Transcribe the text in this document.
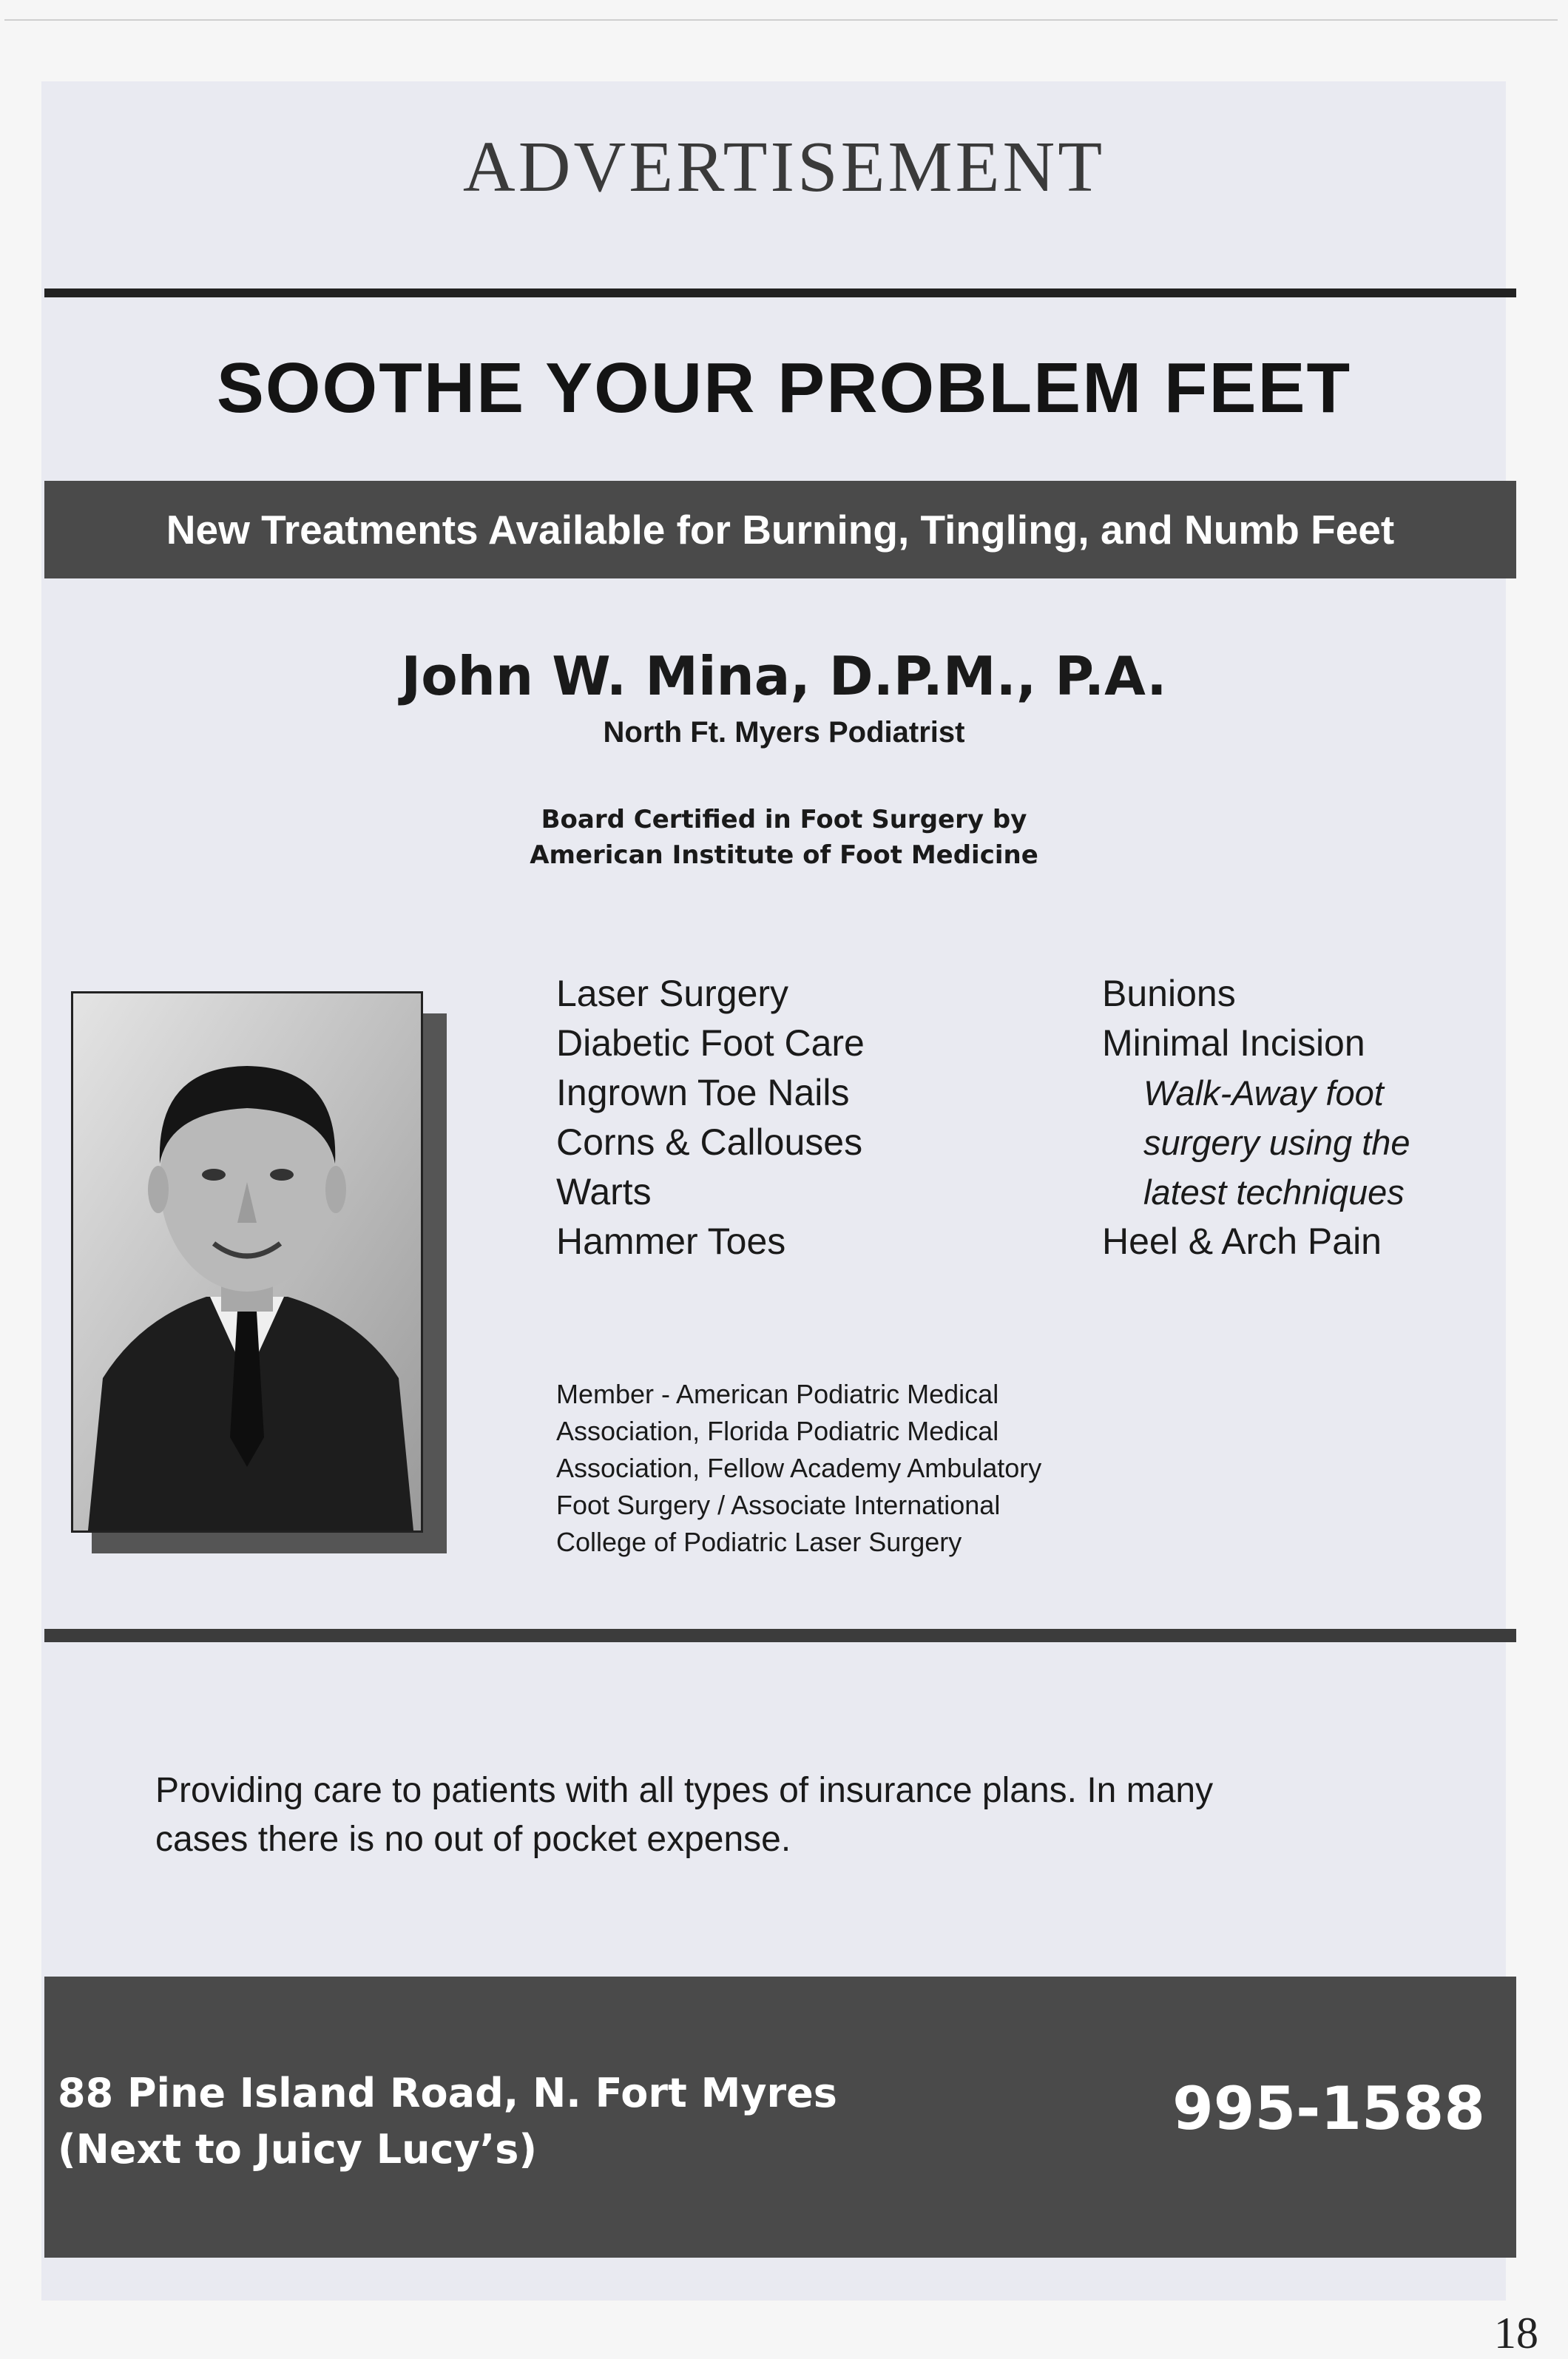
ADVERTISEMENT
SOOTHE YOUR PROBLEM FEET
New Treatments Available for Burning, Tingling, and Numb Feet
John W. Mina, D.P.M., P.A.
North Ft. Myers Podiatrist
Board Certified in Foot Surgery by
American Institute of Foot Medicine
Laser Surgery
Diabetic Foot Care
Ingrown Toe Nails
Corns & Callouses
Warts
Hammer Toes
Bunions
Minimal Incision
Walk-Away foot
surgery using the
latest techniques
Heel & Arch Pain
Member - American Podiatric Medical
Association, Florida Podiatric Medical
Association, Fellow Academy Ambulatory
Foot Surgery / Associate International
College of Podiatric Laser Surgery
Providing care to patients with all types of insurance plans. In many
cases there is no out of pocket expense.
88 Pine Island Road, N. Fort Myres
(Next to Juicy Lucy’s)
995-1588
18
